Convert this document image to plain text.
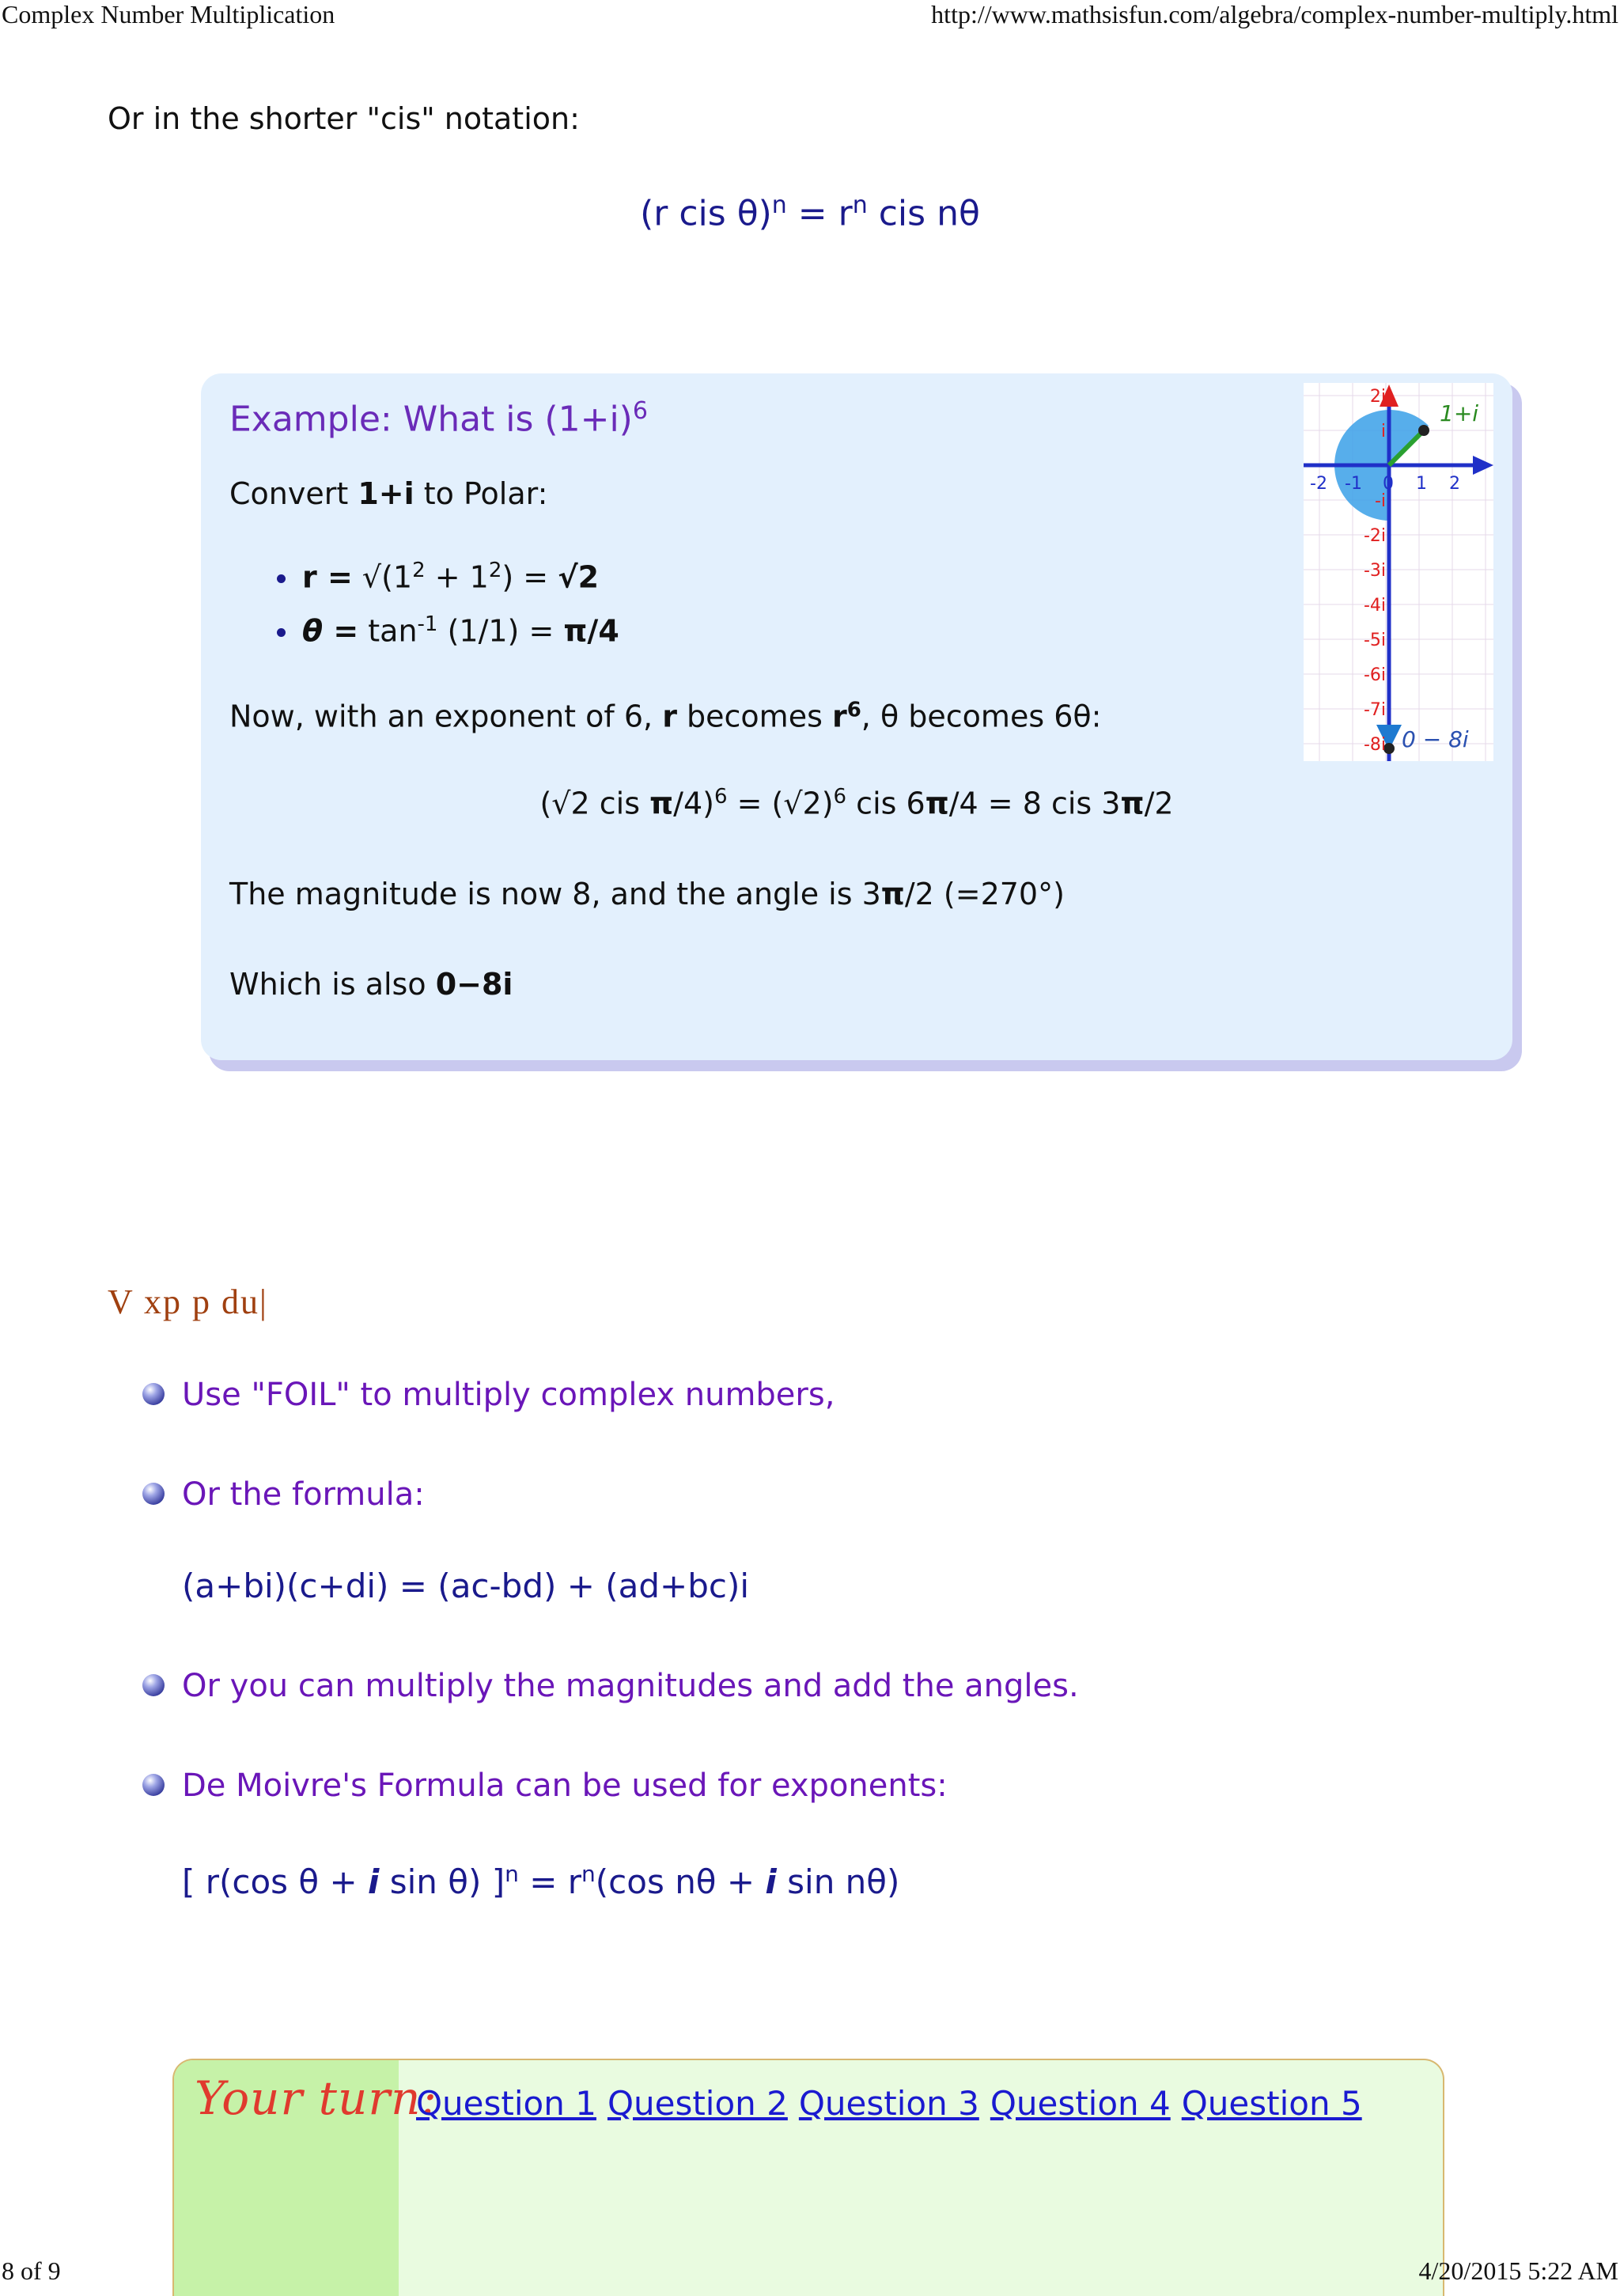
Complex Number Multiplication	http://www.mathsisfun.com/algebra/complex-number-multiply.html
Or in the shorter "cis" notation:
(r cis $\theta)^n = r^n$ cis nθ
Example: What is $(1+i)^6$
Convert 1+i to Polar:
$r = √(1^2 + 1^2) = √2$
$\theta = \tan^{-1} (1/1) = \pi/4$
Now, with an exponent of 6, r becomes $r^6$, θ becomes 6θ:
(√2 cis $\pi/4)^6 = (√2)^6$ cis 6π/4 = 8 cis 3π/2
The magnitude is now 8, and the angle is 3π/2 (=270°)
Which is also 0−8i
1+i
0 − 8i
-2 -1 0 1 2
2i
i
-i
-2i
-3i
-4i
-5i
-6i
-7i
-8i
V xp p du|
Use "FOIL" to multiply complex numbers,
Or the formula:
(a+bi)(c+di) = (ac-bd) + (ad+bc)i
Or you can multiply the magnitudes and add the angles.
De Moivre's Formula can be used for exponents:
[ r(cos θ + i sin θ) ]$^n = r^n(\cos$ nθ + i sin nθ)
Your turn:
Question 1 Question 2 Question 3 Question 4 Question 5
8 of 9	4/20/2015 5:22 AM
